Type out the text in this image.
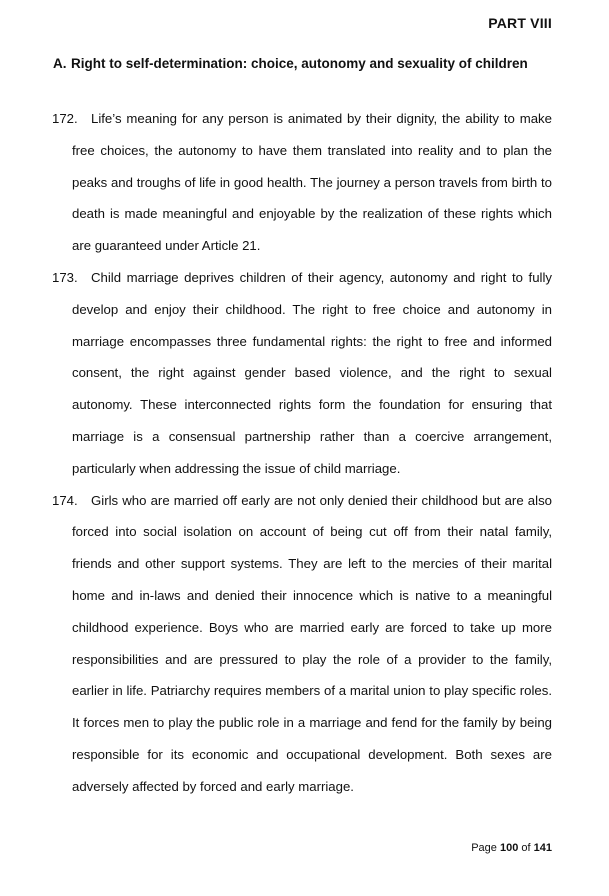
PART VIII
A. Right to self-determination: choice, autonomy and sexuality of children

172. Life’s meaning for any person is animated by their dignity, the ability to make free choices, the autonomy to have them translated into reality and to plan the peaks and troughs of life in good health. The journey a person travels from birth to death is made meaningful and enjoyable by the realization of these rights which are guaranteed under Article 21.

173. Child marriage deprives children of their agency, autonomy and right to fully develop and enjoy their childhood. The right to free choice and autonomy in marriage encompasses three fundamental rights: the right to free and informed consent, the right against gender based violence, and the right to sexual autonomy. These interconnected rights form the foundation for ensuring that marriage is a consensual partnership rather than a coercive arrangement, particularly when addressing the issue of child marriage.

174. Girls who are married off early are not only denied their childhood but are also forced into social isolation on account of being cut off from their natal family, friends and other support systems. They are left to the mercies of their marital home and in-laws and denied their innocence which is native to a meaningful childhood experience. Boys who are married early are forced to take up more responsibilities and are pressured to play the role of a provider to the family, earlier in life. Patriarchy requires members of a marital union to play specific roles. It forces men to play the public role in a marriage and fend for the family by being responsible for its economic and occupational development. Both sexes are adversely affected by forced and early marriage.

Page 100 of 141
